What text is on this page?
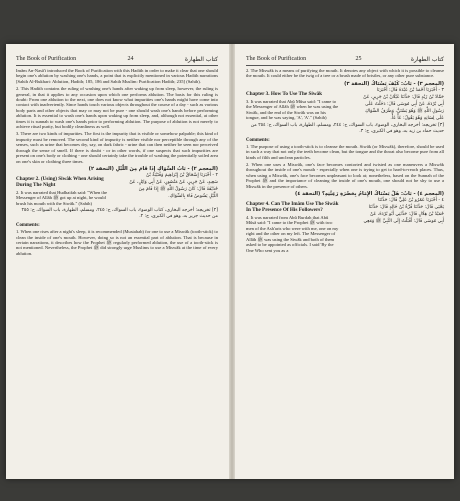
The Book of Purification	24	كتاب الطهارة

Imâm An-Nasâ'i introduced the Book of Purification with this Hadith in order to make it clear that one should begin one's ablution by washing one's hands, a point that is explicitly mentioned in various Hadith narrations [Sahih Al-Bukhari: Ablution, Hadith; 185, 186 and Sahih Muslim: Purification Hadith; 235] (Sahih).

2. This Hadith contains the ruling of washing one's hands after waking up from sleep, however, the ruling is general, in that it applies to any occasion upon which one performs ablution. The basis for this ruling is doubt: From one ablution to the next, one does not know what impurities one's hands might have come into contact with inadvertently. Since hands touch various objects throughout the course of a day - such as various body parts and other objects that may or may not be pure - one should wash one's hands before performing ablution. It is essential to wash one's hands upon waking up from sleep, and, although not essential, at other times it is sunnah to wash one's hands prior to performing ablution. The purpose of ablution is not merely to achieve ritual purity, but bodily cleanliness as well.

3. There are two kinds of impurities. The first is the impurity that is visible or somehow palpable; this kind of impurity must be removed. The second kind of impurity is neither visible nor perceptible through any of the senses, such as urine that becomes dry, say, on dark fabric - urine that can then neither be seen nor perceived through the sense of smell. If there is doubt - or in other words, if one suspects that such impurities are present on one's body or clothing - one should certainly take the trouble of washing the potentially soiled area on one's skin or clothing three times.

(المعجم ٢) - بَابُ السِّوَاكِ إِذَا قَامَ مِنَ اللَّيْلِ (التحفة ٢)
Chapter 2. (Using) Siwâk When Arising During The Night

2. It was narrated that Hudhaifah said: "When the Messenger of Allâh ﷺ got up at night, he would brush his mouth with the Siwâk." (Sahih)

٢ - أَخْبَرَنَا إِسْحَاقُ بْنُ إِبْرَاهِيمَ وَقُتَيْبَةُ بْنُ
سَعِيدٍ، عَنْ جَرِيرٍ، عَنْ مَنْصُورٍ، عَنْ أَبِي وَائِلٍ، عَنْ
حُذَيْفَةَ قَالَ: كَانَ رَسُولُ اللَّهِ ﷺ إِذَا قَامَ مِنَ
اللَّيْلِ يَشُوصُ فَاهُ بِالسِّوَاكِ.
[٢] تخريجه: أخرجه البخاري، كتاب الوضوء، باب السواك، ح: ٢٤٥، ومسلم، الطهارة، باب السواك، ح: ٢٥٥ من حديث جرير به، وهو في الكبرى، ح: ٢.
Comments:

1. When one rises after a night's sleep, it is recommended (Mustahab) for one to use a Miswâk (tooth-stick) to clean the inside of one's mouth. However, doing so is not an essential part of ablution. That is because in certain narrations, it describes how the Prophet ﷺ regularly performed ablution, the use of a tooth-stick is not mentioned. Nevertheless, the Prophet ﷺ did strongly urge Muslims to use a Miswâk at the time of every ablution.

The Book of Purification	25	كتاب الطهارة

2. The Miswâk is a means of purifying the mouth. It denotes any object with which it is possible to cleanse the mouth. It could either be the twig of a tree or a brush made of bristles, or any other pure substance.

(المعجم ٣) - بَابُ: كَيْفَ يَسْتَاكُ (التحفة ٣)
Chapter 3. How To Use The Siwâk

3. It was narrated that Abû Mûsa said: "I came to the Messenger of Allâh ﷺ when he was using the Siwâk, and the end of the Siwâk was on his tongue, and he was saying, 'A', 'A'." (Sahih)

٣ - أَخْبَرَنَا أَحْمَدُ بْنُ عَبْدَةَ قَالَ: أَخْبَرَنَا
حَمَّادُ بْنُ زَيْدٍ قَالَ: حَدَّثَنَا غَيْلَانُ بْنُ جَرِيرٍ، عَنْ
أَبِي بُرْدَةَ، عَنْ أَبِي مُوسَى قَالَ: دَخَلْتُ عَلَى
رَسُولِ اللَّهِ ﷺ وَهُوَ يَسْتَنُّ، وَطَرَفُ السِّوَاكِ
عَلَى لِسَانِهِ وَهُوَ يَقُولُ: عَأْ عَأْ.
[٣] تخريجه: أخرجه البخاري، الوضوء، باب السواك، ح: ٢٤٤، ومسلم، الطهارة، باب السواك، ح: ٢٥٤ من حديث حماد بن زيد به، وهو في الكبرى، ح: ٣.
Comments:

1. The purpose of using a tooth-stick is to cleanse the mouth. Siwâk (or Miswâk), therefore, should be used in such a way that not only the teeth become clean, but the tongue and the throat also become pure from all kinds of filth and unclean particles.

2. When one uses a Miswâk, one's face becomes contorted and twisted as one maneuvers a Miswâk throughout the inside of one's mouth - especially when one is trying to get to hard-to-reach places. Thus, when using a Miswâk, one's face becomes unpleasant to look at; nonetheless, based on the Sunnah of the Prophet ﷺ and the importance of cleaning the inside of one's mouth, one should not be shy to use a Miswâk in the presence of others.

(المعجم ٤) - بَابٌ: هَلْ يَسْتَاكُ الإِمَامُ بِحَضْرَةِ رَعِيَّتِهِ؟ (التحفة ٤)
Chapter 4. Can The Imâm Use The Siwâk In The Presence Of His Followers?

4. It was narrated from Abû Burdah that Abû Mûsâ said: "I came to the Prophet ﷺ with two men of the Ash'aris who were with me, one on my right and the other on my left. The Messenger of Allâh ﷺ was using the Siwâk and both of them asked to be appointed as officials. I said 'By the One Who sent you as a

٤ - أَخْبَرَنَا عَمْرُو بْنُ عَلِيٍّ قَالَ: حَدَّثَنَا
يَحْيَى قَالَ: حَدَّثَنَا قُرَّةُ بْنُ خَالِدٍ قَالَ: حَدَّثَنَا
حُمَيْدُ بْنُ هِلَالٍ قَالَ: حَدَّثَنِي أَبُو بُرْدَةَ، عَنْ
أَبِي مُوسَى قَالَ: أَقْبَلْتُ إِلَى النَّبِيِّ ﷺ وَمَعِي
